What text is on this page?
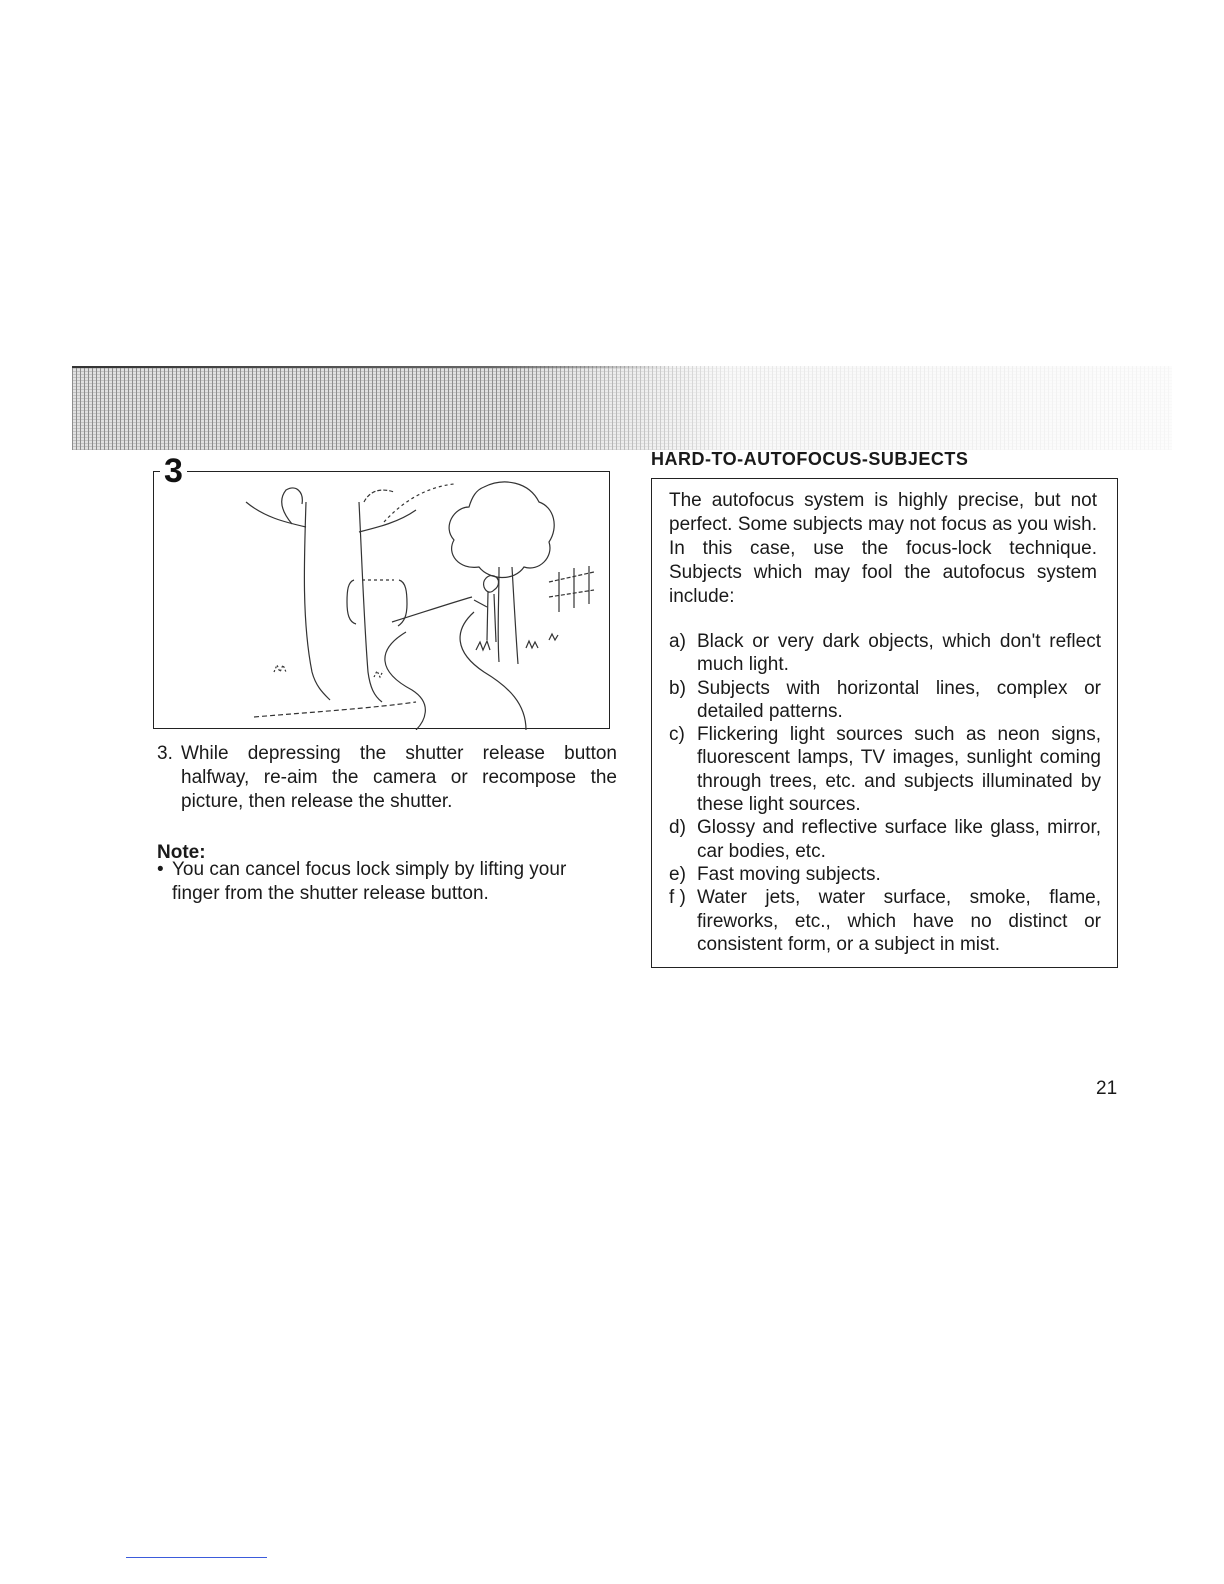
3
3. While depressing the shutter release button halfway, re-aim the camera or recompose the picture, then release the shutter.
Note:
• You can cancel focus lock simply by lifting your finger from the shutter release button.
HARD-TO-AUTOFOCUS-SUBJECTS
The autofocus system is highly precise, but not perfect. Some subjects may not focus as you wish. In this case, use the focus-lock technique. Subjects which may fool the autofocus system include:
a) Black or very dark objects, which don't reflect much light.
b) Subjects with horizontal lines, complex or detailed patterns.
c) Flickering light sources such as neon signs, fluorescent lamps, TV images, sunlight coming through trees, etc. and subjects illuminated by these light sources.
d) Glossy and reflective surface like glass, mirror, car bodies, etc.
e) Fast moving subjects.
f ) Water jets, water surface, smoke, flame, fireworks, etc., which have no distinct or consistent form, or a subject in mist.
21
